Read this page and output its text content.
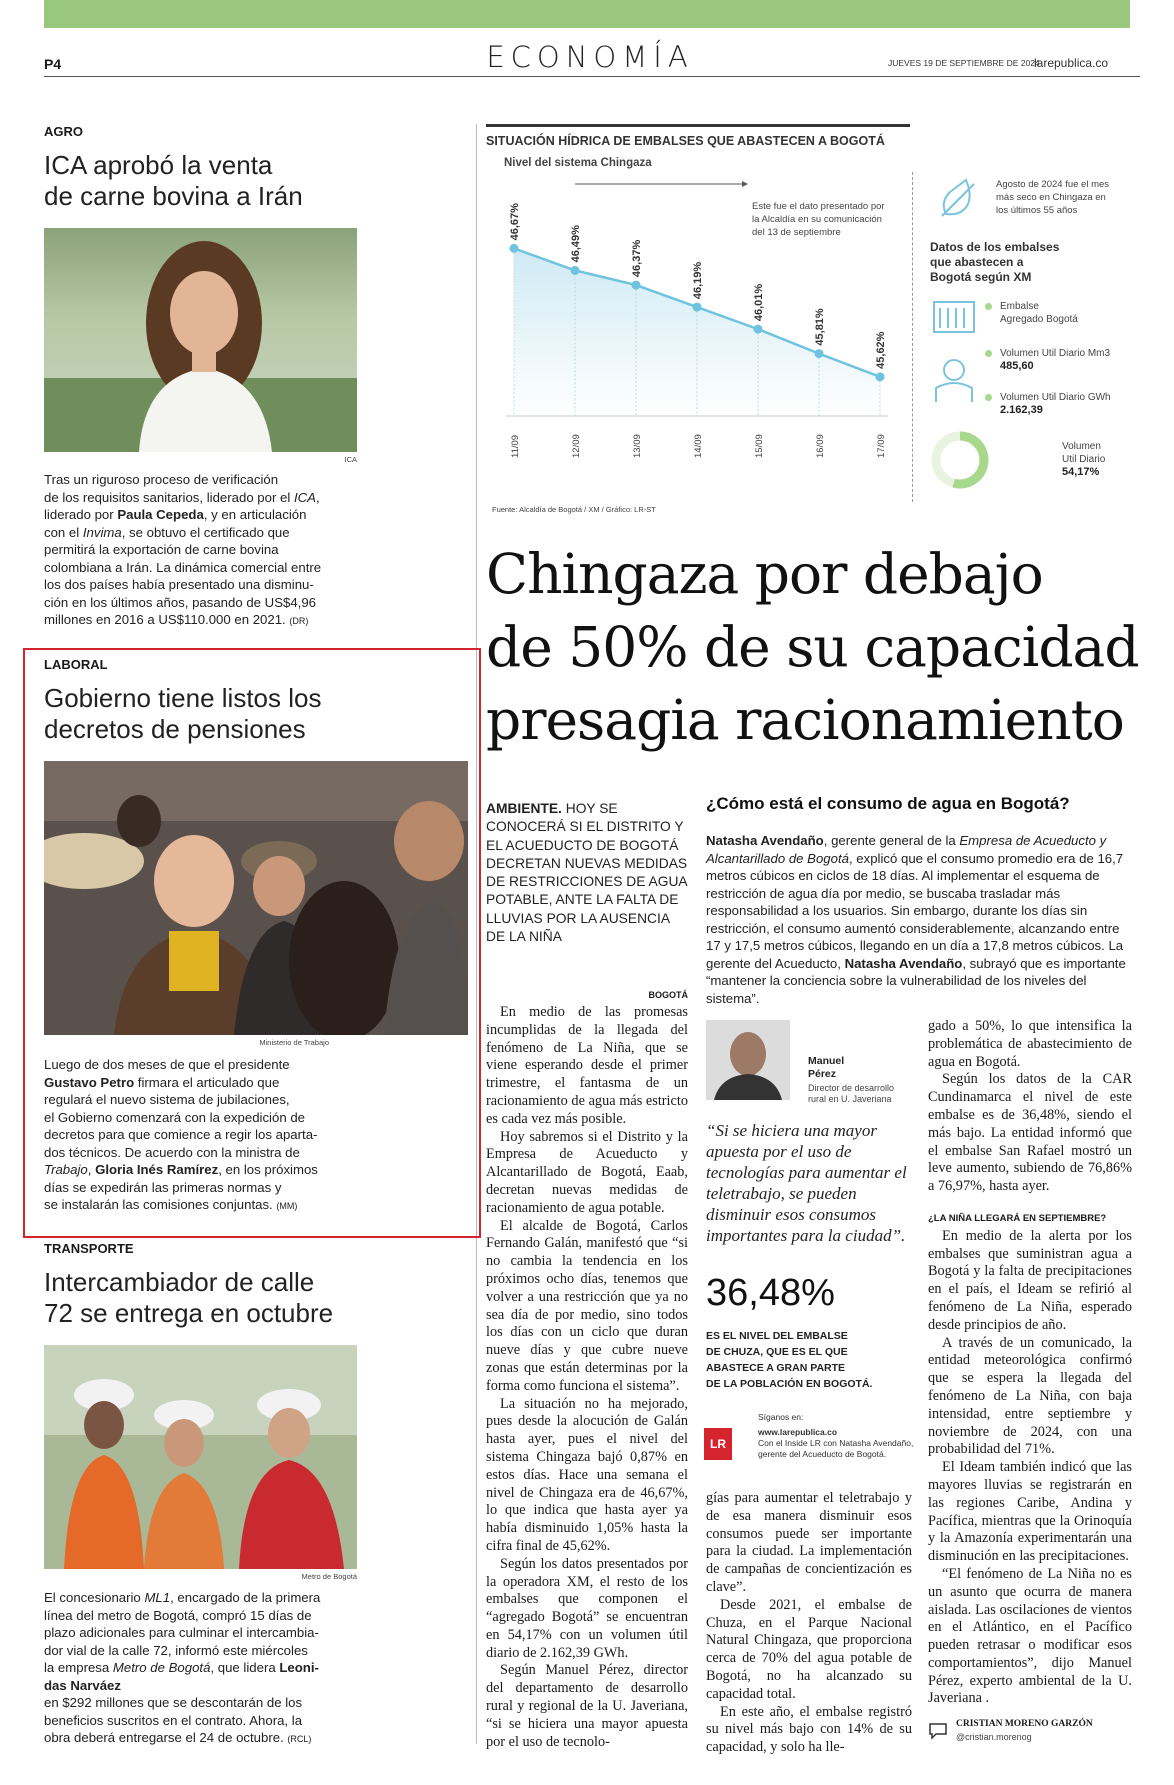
P4	ECONOMÍA	JUEVES 19 DE SEPTIEMBRE DE 2024
larepublica.co
AGRO
ICA aprobó la venta
de carne bovina a Irán
ICA
Tras un riguroso proceso de verificación
de los requisitos sanitarios, liderado por el ICA,
liderado por Paula Cepeda, y en articulación
con el Invima, se obtuvo el certificado que
permitirá la exportación de carne bovina
colombiana a Irán. La dinámica comercial entre
los dos países había presentado una disminu-
ción en los últimos años, pasando de US$4,96
millones en 2016 a US$110.000 en 2021. (DR)
LABORAL
Gobierno tiene listos los
decretos de pensiones
Ministerio de Trabajo
Luego de dos meses de que el presidente
Gustavo Petro firmara el articulado que
regulará el nuevo sistema de jubilaciones,
el Gobierno comenzará con la expedición de
decretos para que comience a regir los aparta-
dos técnicos. De acuerdo con la ministra de
Trabajo, Gloria Inés Ramírez, en los próximos
días se expedirán las primeras normas y
se instalarán las comisiones conjuntas. (MM)
TRANSPORTE
Intercambiador de calle
72 se entrega en octubre
Metro de Bogotá
El concesionario ML1, encargado de la primera
línea del metro de Bogotá, compró 15 días de
plazo adicionales para culminar el intercambia-
dor vial de la calle 72, informó este miércoles
la empresa Metro de Bogotá, que lidera Leoni-
das Narváez
en $292 millones que se descontarán de los
beneficios suscritos en el contrato. Ahora, la
obra deberá entregarse el 24 de octubre. (RCL)
SITUACIÓN HÍDRICA DE EMBALSES QUE ABASTECEN A BOGOTÁ
Nivel del sistema Chingaza
46,67%
11/09
46,49%
12/09
46,37%
13/09
46,19%
14/09
46,01%
15/09
45,81%
16/09
45,62%
17/09
Este fue el dato presentado por
la Alcaldía en su comunicación
del 13 de septiembre
Fuente: Alcaldía de Bogotá / XM / Gráfico: LR-ST
Agosto de 2024 fue el mes
más seco en Chingaza en
los últimos 55 años
Datos de los embalses
que abastecen a
Bogotá según XM
Embalse
Agregado Bogotá
Volumen Util Diario Mm3
485,60
Volumen Util Diario GWh
2.162,39
Volumen
Util Diario
54,17%
Chingaza por debajo
de 50% de su capacidad
presagia racionamiento
AMBIENTE. HOY SE CONOCERÁ SI EL DISTRITO Y EL ACUEDUCTO DE BOGOTÁ DECRETAN NUEVAS MEDIDAS DE RESTRICCIONES DE AGUA POTABLE, ANTE LA FALTA DE LLUVIAS POR LA AUSENCIA DE LA NIÑA
¿Cómo está el consumo de agua en Bogotá?
Natasha Avendaño, gerente general de la Empresa de Acueducto y Alcantarillado de Bogotá, explicó que el consumo promedio era de 16,7 metros cúbicos en ciclos de 18 días. Al implementar el esquema de restricción de agua día por medio, se buscaba trasladar más responsabilidad a los usuarios. Sin embargo, durante los días sin restricción, el consumo aumentó considerablemente, alcanzando entre 17 y 17,5 metros cúbicos, llegando en un día a 17,8 metros cúbicos. La gerente del Acueducto, Natasha Avendaño, subrayó que es importante “mantener la conciencia sobre la vulnerabilidad de los niveles del sistema”.
BOGOTÁ

En medio de las promesas incumplidas de la llegada del fenómeno de La Niña, que se viene esperando desde el primer trimestre, el fantasma de un racionamiento de agua más estricto es cada vez más posible.

Hoy sabremos si el Distrito y la Empresa de Acueducto y Alcantarillado de Bogotá, Eaab, decretan nuevas medidas de racionamiento de agua potable.

El alcalde de Bogotá, Carlos Fernando Galán, manifestó que “si no cambia la tendencia en los próximos ocho días, tenemos que volver a una restricción que ya no sea día de por medio, sino todos los días con un ciclo que duran nueve días y que cubre nueve zonas que están determinas por la forma como funciona el sistema”.

La situación no ha mejorado, pues desde la alocución de Galán hasta ayer, pues el nivel del sistema Chingaza bajó 0,87% en estos días. Hace una semana el nivel de Chingaza era de 46,67%, lo que indica que hasta ayer ya había disminuido 1,05% hasta la cifra final de 45,62%.

Según los datos presentados por la operadora XM, el resto de los embalses que componen el “agregado Bogotá” se encuentran en 54,17% con un volumen útil diario de 2.162,39 GWh.

Según Manuel Pérez, director del departamento de desarrollo rural y regional de la U. Javeriana, “si se hiciera una mayor apuesta por el uso de tecnolo-

Manuel
Pérez
Director de desarrollo
rural en U. Javeriana
“Si se hiciera una mayor apuesta por el uso de tecnologías para aumentar el teletrabajo, se pueden disminuir esos consumos importantes para la ciudad”.
36,48%
ES EL NIVEL DEL EMBALSE
DE CHUZA, QUE ES EL QUE
ABASTECE A GRAN PARTE
DE LA POBLACIÓN EN BOGOTÁ.
LR
Síganos en:
www.larepublica.co
Con el Inside LR con Natasha Avendaño,
gerente del Acueducto de Bogotá.

gías para aumentar el teletrabajo y de esa manera disminuir esos consumos puede ser importante para la ciudad. La implementación de campañas de concientización es clave”.

Desde 2021, el embalse de Chuza, en el Parque Nacional Natural Chingaza, que proporciona cerca de 70% del agua potable de Bogotá, no ha alcanzado su capacidad total.

En este año, el embalse registró su nivel más bajo con 14% de su capacidad, y solo ha lle-

gado a 50%, lo que intensifica la problemática de abastecimiento de agua en Bogotá.

Según los datos de la CAR Cundinamarca el nivel de este embalse es de 36,48%, siendo el más bajo. La entidad informó que el embalse San Rafael mostró un leve aumento, subiendo de 76,86% a 76,97%, hasta ayer.

¿LA NIÑA LLEGARÁ EN SEPTIEMBRE?

En medio de la alerta por los embalses que suministran agua a Bogotá y la falta de precipitaciones en el país, el Ideam se refirió al fenómeno de La Niña, esperado desde principios de año.

A través de un comunicado, la entidad meteorológica confirmó que se espera la llegada del fenómeno de La Niña, con baja intensidad, entre septiembre y noviembre de 2024, con una probabilidad del 71%.

El Ideam también indicó que las mayores lluvias se registrarán en las regiones Caribe, Andina y Pacífica, mientras que la Orinoquía y la Amazonía experimentarán una disminución en las precipitaciones.

“El fenómeno de La Niña no es un asunto que ocurra de manera aislada. Las oscilaciones de vientos en el Atlántico, en el Pacífico pueden retrasar o modificar esos comportamientos”, dijo Manuel Pérez, experto ambiental de la U. Javeriana .

CRISTIAN MORENO GARZÓN
@cristian.morenog
